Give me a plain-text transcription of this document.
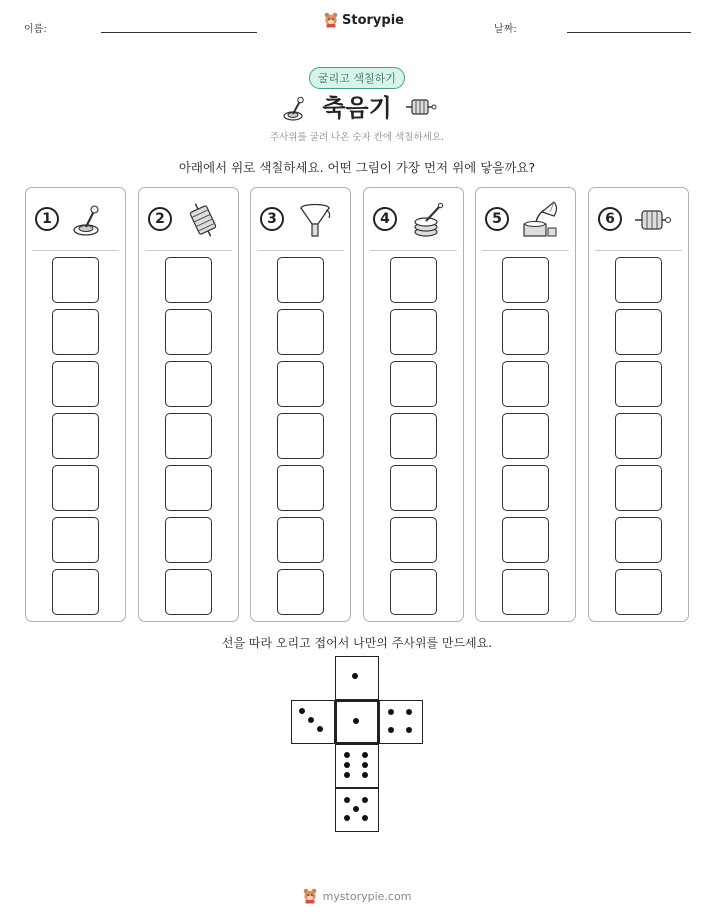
이름:
Storypie
날짜:
굴리고 색칠하기
축음기
주사위를 굴려 나온 숫자 칸에 색칠하세요.
아래에서 위로 색칠하세요. 어떤 그림이 가장 먼저 위에 닿을까요?
1	2	3	4	5	6
선을 따라 오리고 접어서 나만의 주사위를 만드세요.
mystorypie.com
